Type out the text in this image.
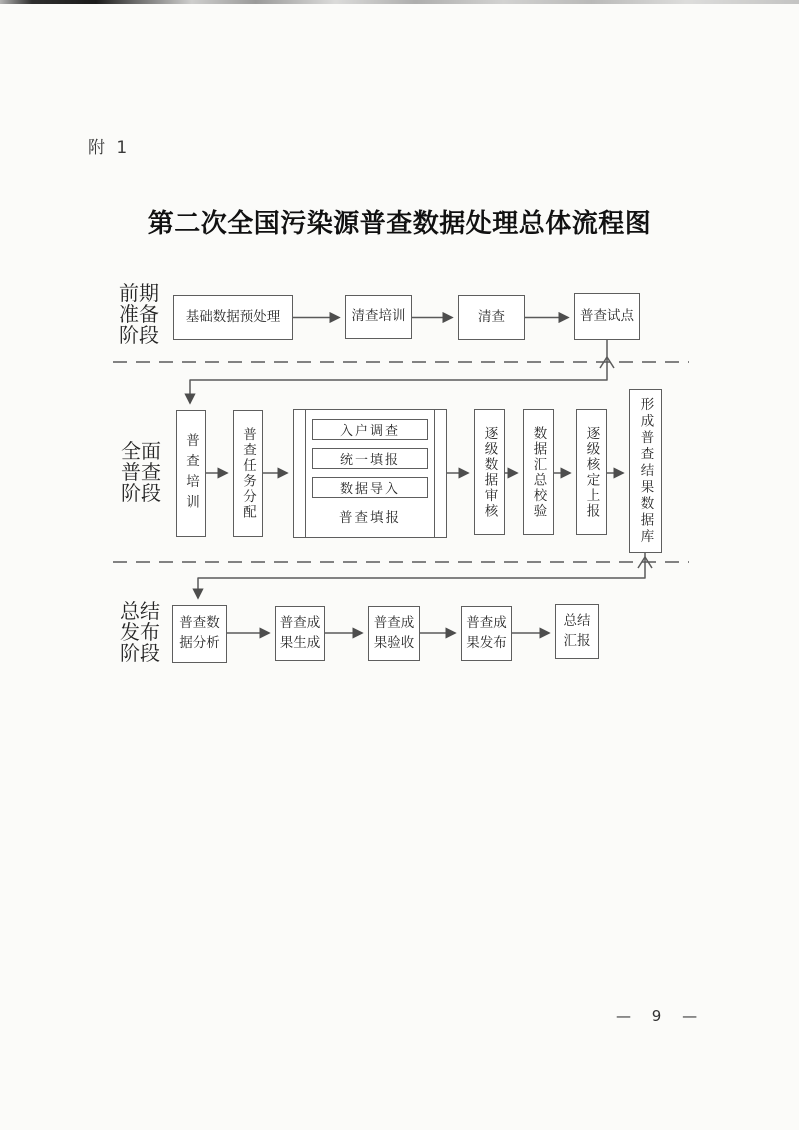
附 1
第二次全国污染源普查数据处理总体流程图
前期准备阶段
基础数据预处理	清查培训	清查	普查试点
全面普查阶段	普查培训	普查任务分配	入户调查
统一填报
数据导入
普查填报	逐级数据审核	数据汇总校验	逐级核定上报	形成普查结果数据库
总结发布阶段
普查数据分析
普查成果生成
普查成果验收
普查成果发布
总结汇报
— 9 —
